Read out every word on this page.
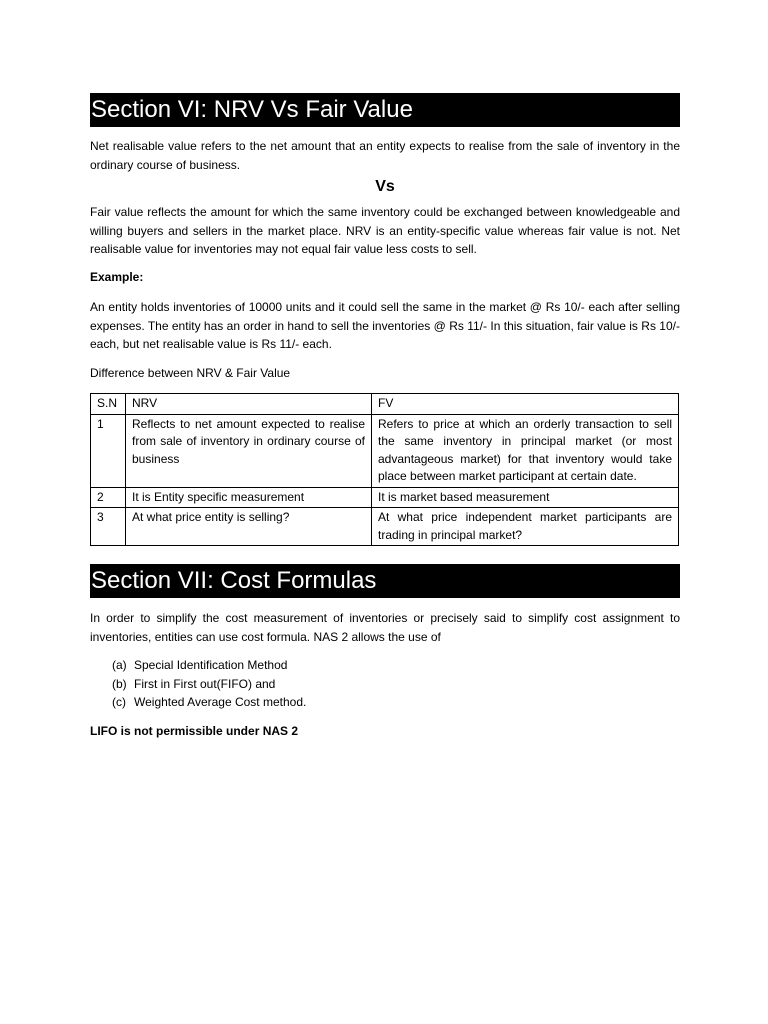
Section VI: NRV Vs Fair Value
Net realisable value refers to the net amount that an entity expects to realise from the sale of inventory in the ordinary course of business.
Vs
Fair value reflects the amount for which the same inventory could be exchanged between knowledgeable and willing buyers and sellers in the market place. NRV is an entity-specific value whereas fair value is not. Net realisable value for inventories may not equal fair value less costs to sell.
Example:
An entity holds inventories of 10000 units and it could sell the same in the market @ Rs 10/- each after selling expenses. The entity has an order in hand to sell the inventories @ Rs 11/- In this situation, fair value is Rs 10/- each, but net realisable value is Rs 11/- each.
Difference between NRV & Fair Value
S.N	NRV	FV
1	Reflects to net amount expected to realise from sale of inventory in ordinary course of business	Refers to price at which an orderly transaction to sell the same inventory in principal market (or most advantageous market) for that inventory would take place between market participant at certain date.
2	It is Entity specific measurement	It is market based measurement
3	At what price entity is selling?	At what price independent market participants are trading in principal market?
Section VII: Cost Formulas
In order to simplify the cost measurement of inventories or precisely said to simplify cost assignment to inventories, entities can use cost formula. NAS 2 allows the use of
(a) Special Identification Method
(b) First in First out(FIFO) and
(c) Weighted Average Cost method.
LIFO is not permissible under NAS 2
